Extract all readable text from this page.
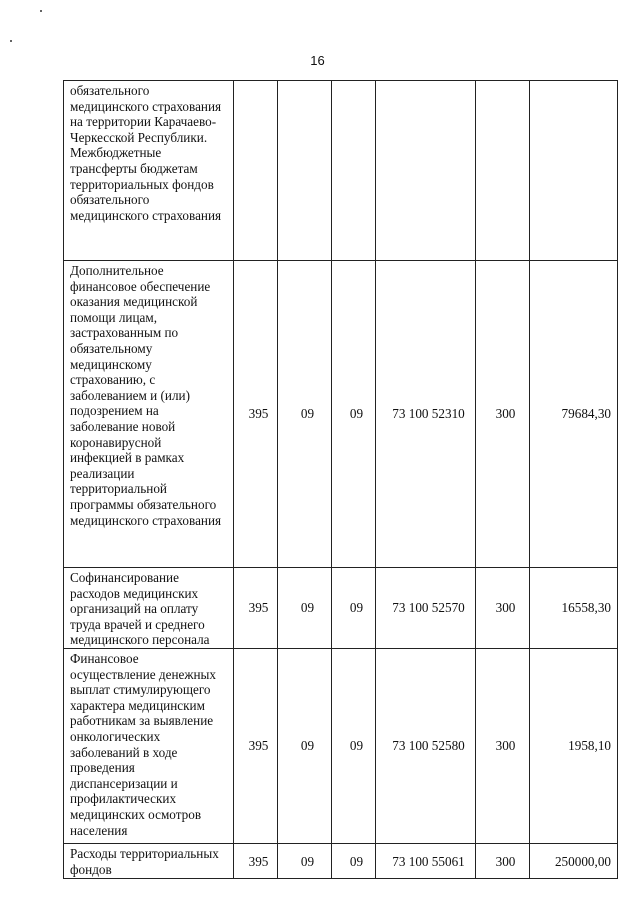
16
обязательного медицинского страхования на территории Карачаево-Черкесской Республики. Межбюджетные трансферты бюджетам территориальных фондов обязательного медицинского страхования						
Дополнительное финансовое обеспечение оказания медицинской помощи лицам, застрахованным по обязательному медицинскому страхованию, с заболеванием и (или) подозрением на заболевание новой коронавирусной инфекцией в рамках реализации территориальной программы обязательного медицинского страхования	395	09	09	73 100 52310	300	79684,30
Софинансирование расходов медицинских организаций на оплату труда врачей и среднего медицинского персонала	395	09	09	73 100 52570	300	16558,30
Финансовое осуществление денежных выплат стимулирующего характера медицинским работникам за выявление онкологических заболеваний в ходе проведения диспансеризации и профилактических медицинских осмотров населения	395	09	09	73 100 52580	300	1958,10
Расходы территориальных фондов	395	09	09	73 100 55061	300	250000,00
